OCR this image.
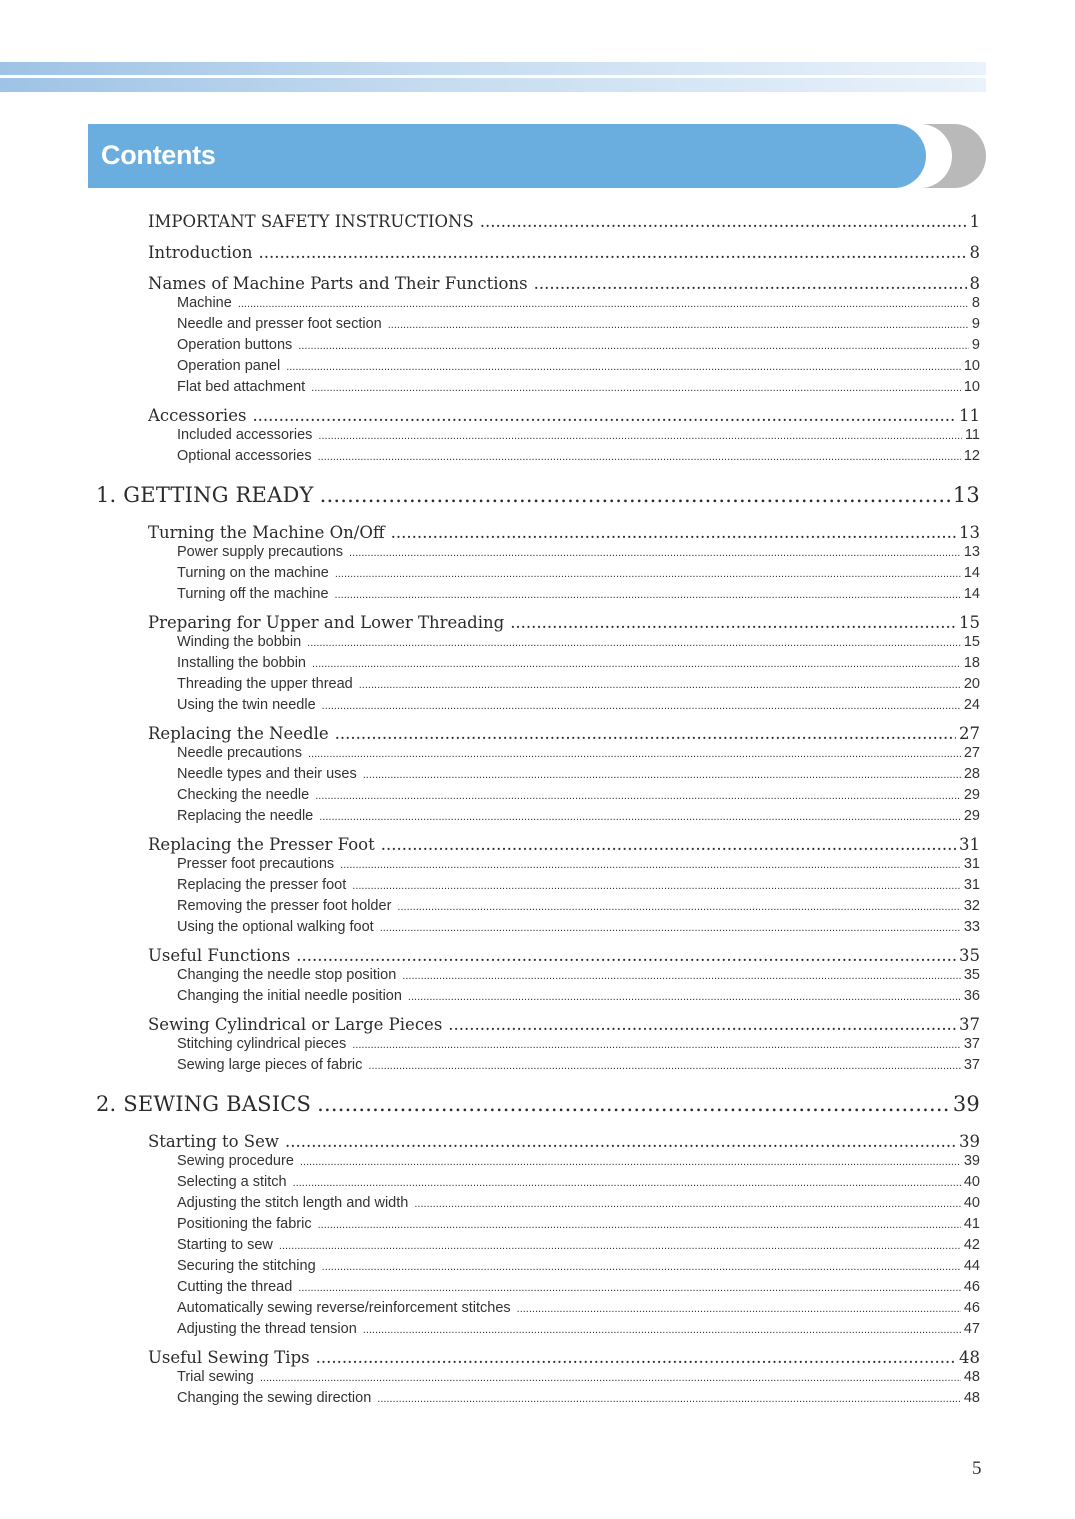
Contents
IMPORTANT SAFETY INSTRUCTIONS .....	1
Introduction .....	8
Names of Machine Parts and Their Functions .....	8
Machine .....	8
Needle and presser foot section .....	9
Operation buttons .....	9
Operation panel .....	10
Flat bed attachment .....	10
Accessories .....	11
Included accessories .....	11
Optional accessories .....	12
1. GETTING READY .....	13
Turning the Machine On/Off .....	13
Power supply precautions .....	13
Turning on the machine .....	14
Turning off the machine .....	14
Preparing for Upper and Lower Threading .....	15
Winding the bobbin .....	15
Installing the bobbin .....	18
Threading the upper thread .....	20
Using the twin needle .....	24
Replacing the Needle .....	27
Needle precautions .....	27
Needle types and their uses .....	28
Checking the needle .....	29
Replacing the needle .....	29
Replacing the Presser Foot .....	31
Presser foot precautions .....	31
Replacing the presser foot .....	31
Removing the presser foot holder .....	32
Using the optional walking foot .....	33
Useful Functions .....	35
Changing the needle stop position .....	35
Changing the initial needle position .....	36
Sewing Cylindrical or Large Pieces .....	37
Stitching cylindrical pieces .....	37
Sewing large pieces of fabric .....	37
2. SEWING BASICS .....	39
Starting to Sew .....	39
Sewing procedure .....	39
Selecting a stitch .....	40
Adjusting the stitch length and width .....	40
Positioning the fabric .....	41
Starting to sew .....	42
Securing the stitching .....	44
Cutting the thread .....	46
Automatically sewing reverse/reinforcement stitches .....	46
Adjusting the thread tension .....	47
Useful Sewing Tips .....	48
Trial sewing .....	48
Changing the sewing direction .....	48
5
